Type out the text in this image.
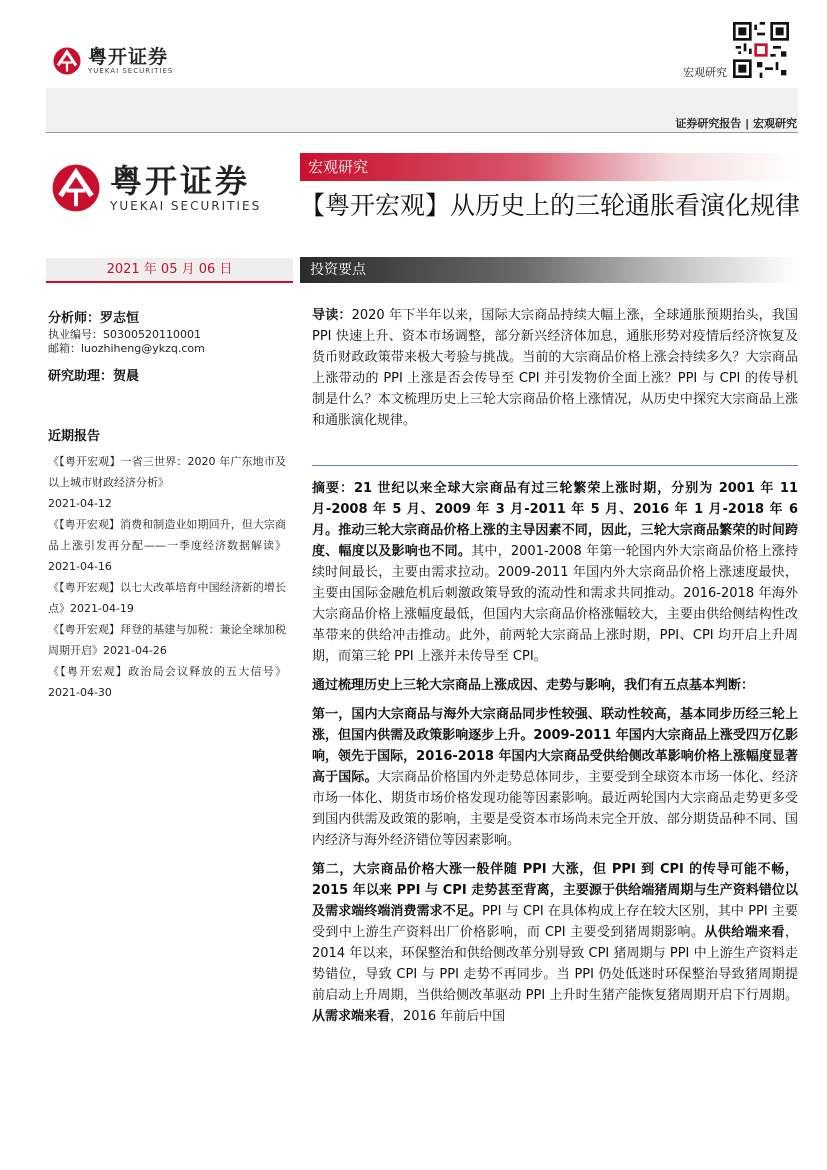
粤开证券
YUEKAI SECURITIES	宏观研究
证券研究报告 | 宏观研究
粤开证券
YUEKAI SECURITIES
宏观研究
【粤开宏观】从历史上的三轮通胀看演化规律
2021 年 05 月 06 日	投资要点
分析师：罗志恒
执业编号：S0300520110001
邮箱：luozhiheng@ykzq.com
研究助理：贺晨
近期报告
《【粤开宏观】一省三世界：2020 年广东地市及以上城市财政经济分析》
2021-04-12
《【粤开宏观】消费和制造业如期回升，但大宗商品上涨引发再分配——一季度经济数据解读》2021-04-16
《【粤开宏观】以七大改革培育中国经济新的增长点》2021-04-19
《【粤开宏观】拜登的基建与加税：兼论全球加税周期开启》2021-04-26
《【粤开宏观】政治局会议释放的五大信号》2021-04-30
导读：2020 年下半年以来，国际大宗商品持续大幅上涨，全球通胀预期抬头，我国 PPI 快速上升、资本市场调整，部分新兴经济体加息，通胀形势对疫情后经济恢复及货币财政政策带来极大考验与挑战。当前的大宗商品价格上涨会持续多久？大宗商品上涨带动的 PPI 上涨是否会传导至 CPI 并引发物价全面上涨？PPI 与 CPI 的传导机制是什么？本文梳理历史上三轮大宗商品价格上涨情况，从历史中探究大宗商品上涨和通胀演化规律。
摘要：21 世纪以来全球大宗商品有过三轮繁荣上涨时期，分别为 2001 年 11 月-2008 年 5 月、2009 年 3 月-2011 年 5 月、2016 年 1 月-2018 年 6 月。推动三轮大宗商品价格上涨的主导因素不同，因此，三轮大宗商品繁荣的时间跨度、幅度以及影响也不同。其中，2001-2008 年第一轮国内外大宗商品价格上涨持续时间最长，主要由需求拉动。2009-2011 年国内外大宗商品价格上涨速度最快，主要由国际金融危机后刺激政策导致的流动性和需求共同推动。2016-2018 年海外大宗商品价格上涨幅度最低，但国内大宗商品价格涨幅较大，主要由供给侧结构性改革带来的供给冲击推动。此外，前两轮大宗商品上涨时期，PPI、CPI 均开启上升周期，而第三轮 PPI 上涨并未传导至 CPI。
通过梳理历史上三轮大宗商品上涨成因、走势与影响，我们有五点基本判断：
第一，国内大宗商品与海外大宗商品同步性较强、联动性较高，基本同步历经三轮上涨，但国内供需及政策影响逐步上升。2009-2011 年国内大宗商品上涨受四万亿影响，领先于国际，2016-2018 年国内大宗商品受供给侧改革影响价格上涨幅度显著高于国际。大宗商品价格国内外走势总体同步，主要受到全球资本市场一体化、经济市场一体化、期货市场价格发现功能等因素影响。最近两轮国内大宗商品走势更多受到国内供需及政策的影响，主要是受资本市场尚未完全开放、部分期货品种不同、国内经济与海外经济错位等因素影响。
第二，大宗商品价格大涨一般伴随 PPI 大涨，但 PPI 到 CPI 的传导可能不畅，2015 年以来 PPI 与 CPI 走势甚至背离，主要源于供给端猪周期与生产资料错位以及需求端终端消费需求不足。PPI 与 CPI 在具体构成上存在较大区别，其中 PPI 主要受到中上游生产资料出厂价格影响，而 CPI 主要受到猪周期影响。从供给端来看，2014 年以来，环保整治和供给侧改革分别导致 CPI 猪周期与 PPI 中上游生产资料走势错位，导致 CPI 与 PPI 走势不再同步。当 PPI 仍处低迷时环保整治导致猪周期提前启动上升周期，当供给侧改革驱动 PPI 上升时生猪产能恢复猪周期开启下行周期。从需求端来看，2016 年前后中国
